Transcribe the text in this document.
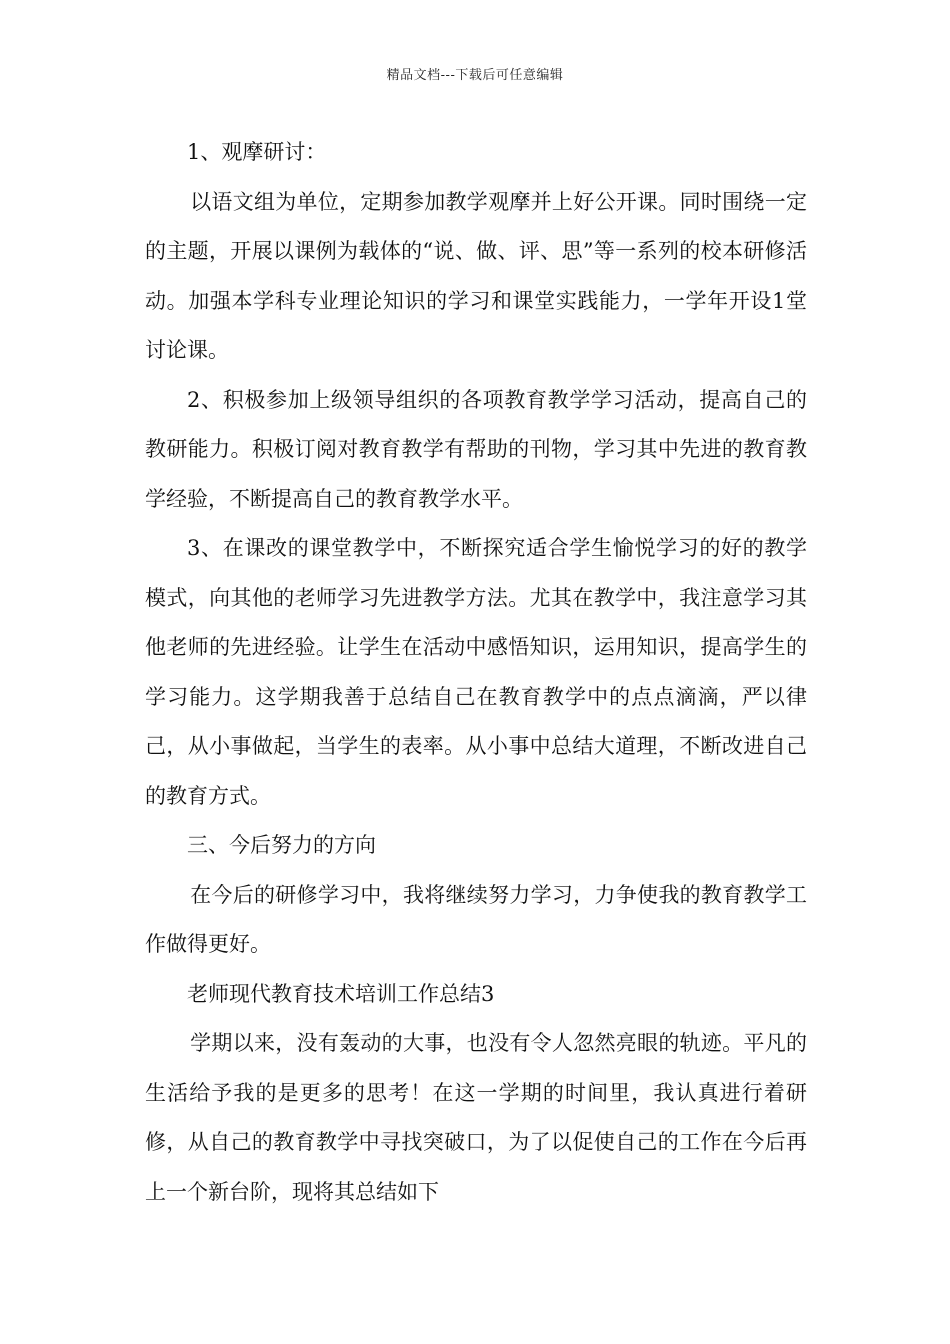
精品文档---下载后可任意编辑

1、观摩研讨：

以语文组为单位，定期参加教学观摩并上好公开课。同时围绕一定的主题，开展以课例为载体的“说、做、评、思”等一系列的校本研修活动。加强本学科专业理论知识的学习和课堂实践能力，一学年开设1堂讨论课。

2、积极参加上级领导组织的各项教育教学学习活动，提高自己的教研能力。积极订阅对教育教学有帮助的刊物，学习其中先进的教育教学经验，不断提高自己的教育教学水平。

3、在课改的课堂教学中，不断探究适合学生愉悦学习的好的教学模式，向其他的老师学习先进教学方法。尤其在教学中，我注意学习其他老师的先进经验。让学生在活动中感悟知识，运用知识，提高学生的学习能力。这学期我善于总结自己在教育教学中的点点滴滴，严以律己，从小事做起，当学生的表率。从小事中总结大道理，不断改进自己的教育方式。

三、今后努力的方向

在今后的研修学习中，我将继续努力学习，力争使我的教育教学工作做得更好。

老师现代教育技术培训工作总结3

学期以来，没有轰动的大事，也没有令人忽然亮眼的轨迹。平凡的生活给予我的是更多的思考！在这一学期的时间里，我认真进行着研修，从自己的教育教学中寻找突破口，为了以促使自己的工作在今后再上一个新台阶，现将其总结如下
